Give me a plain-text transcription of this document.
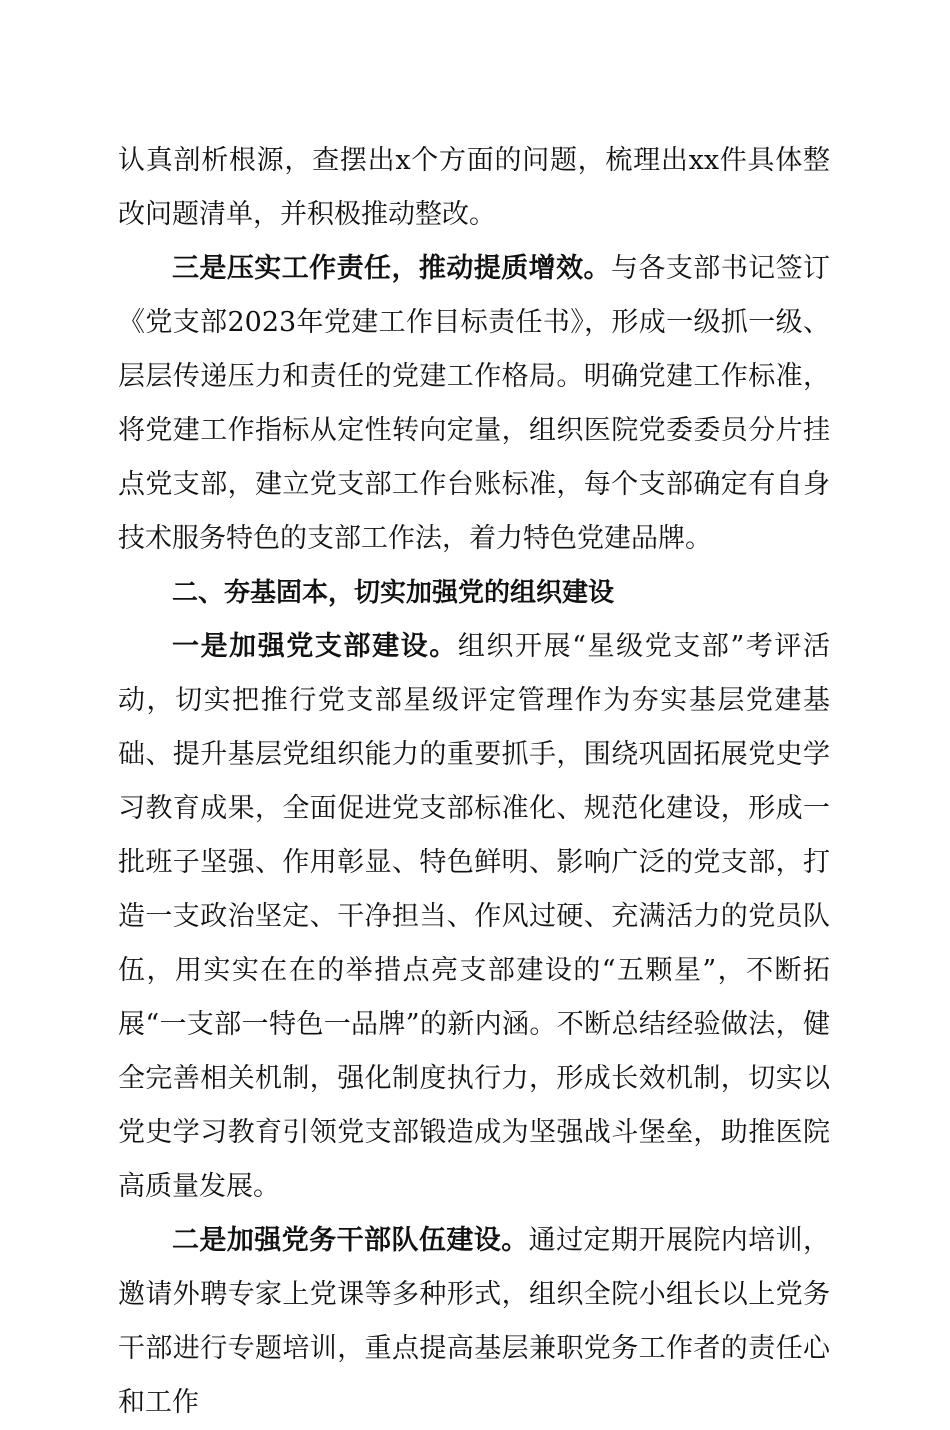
认真剖析根源，查摆出x个方面的问题，梳理出xx件具体整改问题清单，并积极推动整改。

三是压实工作责任，推动提质增效。与各支部书记签订《党支部2023年党建工作目标责任书》，形成一级抓一级、层层传递压力和责任的党建工作格局。明确党建工作标准，将党建工作指标从定性转向定量，组织医院党委委员分片挂点党支部，建立党支部工作台账标准，每个支部确定有自身技术服务特色的支部工作法，着力特色党建品牌。

二、夯基固本，切实加强党的组织建设

一是加强党支部建设。组织开展“星级党支部”考评活动，切实把推行党支部星级评定管理作为夯实基层党建基础、提升基层党组织能力的重要抓手，围绕巩固拓展党史学习教育成果，全面促进党支部标准化、规范化建设，形成一批班子坚强、作用彰显、特色鲜明、影响广泛的党支部，打造一支政治坚定、干净担当、作风过硬、充满活力的党员队伍，用实实在在的举措点亮支部建设的“五颗星”，不断拓展“一支部一特色一品牌”的新内涵。不断总结经验做法，健全完善相关机制，强化制度执行力，形成长效机制，切实以党史学习教育引领党支部锻造成为坚强战斗堡垒，助推医院高质量发展。

二是加强党务干部队伍建设。通过定期开展院内培训，邀请外聘专家上党课等多种形式，组织全院小组长以上党务干部进行专题培训，重点提高基层兼职党务工作者的责任心和工作
